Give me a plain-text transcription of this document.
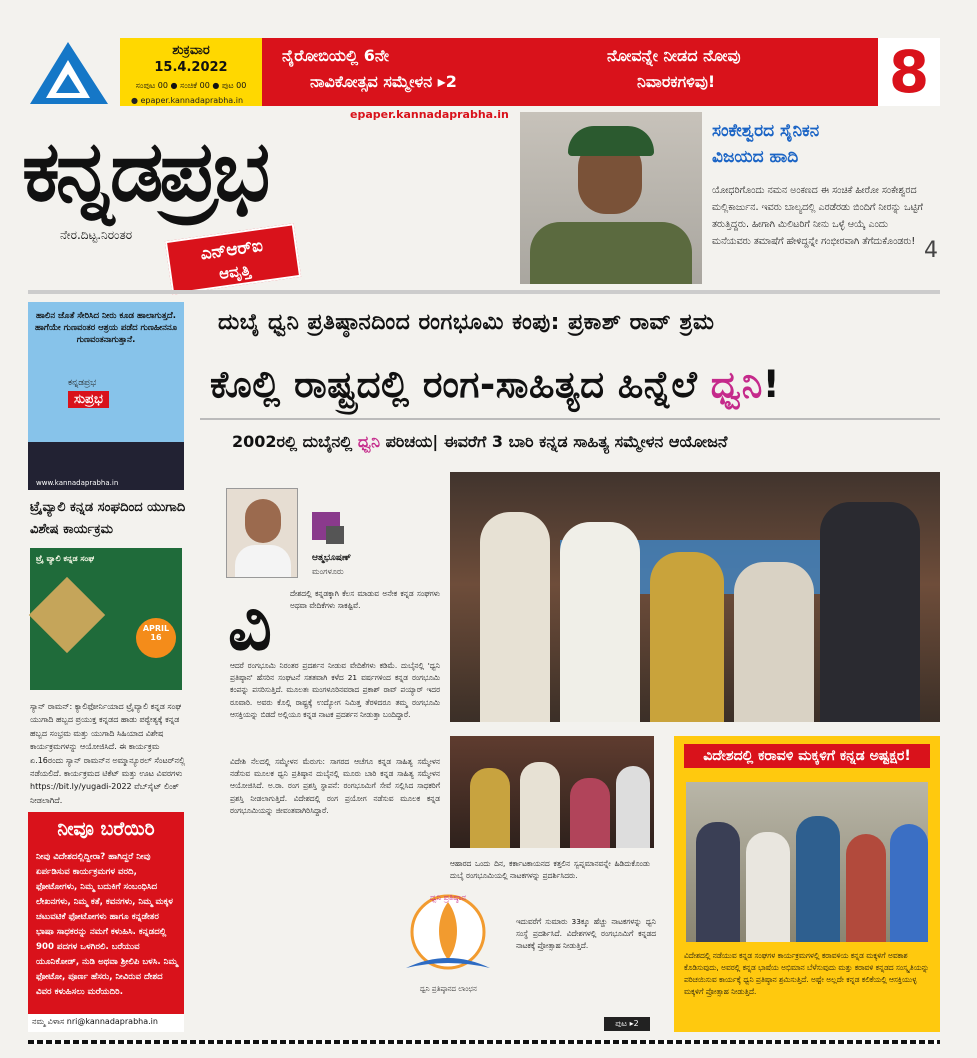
ಶುಕ್ರವಾರ
15.4.2022
ಸಂಪುಟ 00 ● ಸಂಚಿಕೆ 00 ● ಪುಟ 00
● epaper.kannadaprabha.in
ನೈರೋಬಿಯಲ್ಲಿ 6ನೇ
ನಾವಿಕೋತ್ಸವ ಸಮ್ಮೇಳನ ▸2
ನೋವನ್ನೇ ನೀಡದ ನೋವು
ನಿವಾರಕಗಳಿವು!	8
epaper.kannadaprabha.in
ಕನ್ನಡಪ್ರಭ
ನೇರ.ದಿಟ್ಟ.ನಿರಂತರ
ಎನ್‌ಆರ್‌ಐ
ಆವೃತ್ತಿ
ಸಂಕೇಶ್ವರದ ಸೈನಿಕನ
ವಿಜಯದ ಹಾದಿ
ಯೋಧರಿಗೊಂದು ನಮನ ಅಂಕಣದ ಈ ಸಂಚಿಕೆ ಹೀರೋ ಸಂಕೇಶ್ವರದ ಮಲ್ಲಿಕಾರ್ಜುನ. ಇವರು ಬಾಲ್ಯದಲ್ಲಿ ಎರಡೆರಡು ಬಿಂದಿಗೆ ನೀರನ್ನು ಒಟ್ಟಿಗೆ ತರುತ್ತಿದ್ದರು. ಹೀಗಾಗಿ ಮಿಲಿಟರಿಗೆ ನೀನು ಒಳ್ಳೆ ಆಯ್ಕೆ ಎಂದು ಮನೆಯವರು ತಮಾಷೆಗೆ ಹೇಳಿದ್ದನ್ನೇ ಗಂಭೀರವಾಗಿ ತೆಗೆದುಕೊಂಡರು! 4
ಹಾಲಿನ ಜೊತೆ ಸೇರಿಸಿದ ನೀರು ಕೂಡ ಹಾಲಾಗುತ್ತದೆ. ಹಾಗೆಯೇ ಗುಣವಂತರ ಆಶ್ರಯ ಪಡೆದ ಗುಣಹೀನನೂ ಗುಣವಂತನಾಗುತ್ತಾನೆ.
ಕನ್ನಡಪ್ರಭ
ಸುಪ್ರಭ
www.kannadaprabha.in
ಟ್ರೈವ್ಯಾಲಿ ಕನ್ನಡ ಸಂಘದಿಂದ ಯುಗಾದಿ ವಿಶೇಷ ಕಾರ್ಯಕ್ರಮ
ಟ್ರೈ ವ್ಯಾಲಿ ಕನ್ನಡ ಸಂಘ
APRIL 16
ಸ್ಯಾನ್ ರಾಮನ್: ಕ್ಯಾಲಿಫೋರ್ನಿಯಾದ ಟ್ರೈವ್ಯಾಲಿ ಕನ್ನಡ ಸಂಘ ಯುಗಾದಿ ಹಬ್ಬದ ಪ್ರಯುಕ್ತ ಕನ್ನಡದ ಹಾಡು ಪಠ್ಯೇತ್ಯಕ್ಕೆ ಕನ್ನಡ ಹಬ್ಬದ ಸಂಭ್ರಮ ಮತ್ತು ಯುಗಾದಿ ಸಿಹಿಯಾದ ವಿಶೇಷ ಕಾರ್ಯಕ್ರಮಗಳನ್ನು ಆಯೋಜಿಸಿದೆ. ಈ ಕಾರ್ಯಕ್ರಮ ಏ.16ರಂದು ಸ್ಯಾನ್ ರಾಮನ್‌ನ ಅಮ್ಮಾನ್ಯೂರಲ್ ಸೆಂಟರ್‌ನಲ್ಲಿ ನಡೆಯಲಿದೆ. ಕಾರ್ಯಕ್ರಮದ ಟಿಕೆಟ್ ಮತ್ತು ಊಟ ವಿವರಗಳು https://bit.ly/yugadi-2022 ವೆಬ್‌ಸೈಟ್ ಲಿಂಕ್ ನೀಡಲಾಗಿದೆ.
ನೀವೂ ಬರೆಯಿರಿ
ನೀವು ವಿದೇಶದಲ್ಲಿದ್ದೀರಾ? ಹಾಗಿದ್ದರೆ ನೀವು ಏರ್ಪಡಿಸುವ ಕಾರ್ಯಕ್ರಮಗಳ ವರದಿ, ಫೋಟೋಗಳು, ನಿಮ್ಮ ಬದುಕಿಗೆ ಸಂಬಂಧಿಸಿದ ಲೇಖನಗಳು, ನಿಮ್ಮ ಕತೆ, ಕವನಗಳು, ನಿಮ್ಮ ಮಕ್ಕಳ ಚಟುವಟಿಕೆ ಫೋಟೋಗಳು ಹಾಗೂ ಕನ್ನಡೇತರ ಭಾಷಾ ಸಾಧಕರನ್ನು ನಮಗೆ ಕಳುಹಿಸಿ. ಕನ್ನಡದಲ್ಲಿ 900 ಪದಗಳ ಒಳಗಿರಲಿ. ಬರೆಯುವ ಯೂನಿಕೋಡ್, ನುಡಿ ಅಥವಾ ಶ್ರೀಲಿಪಿ ಬಳಸಿ. ನಿಮ್ಮ ಫೋಟೋ, ಪೂರ್ಣ ಹೆಸರು, ನೀವಿರುವ ದೇಶದ ವಿವರ ಕಳುಹಿಸಲು ಮರೆಯದಿರಿ.
ನಮ್ಮ ವಿಳಾಸ nri@kannadaprabha.in
ದುಬೈ ಧ್ವನಿ ಪ್ರತಿಷ್ಠಾನದಿಂದ ರಂಗಭೂಮಿ ಕಂಪು: ಪ್ರಕಾಶ್ ರಾವ್ ಶ್ರಮ
ಕೊಲ್ಲಿ ರಾಷ್ಟ್ರದಲ್ಲಿ ರಂಗ-ಸಾಹಿತ್ಯದ ಹಿನ್ನೆಲೆ ಧ್ವನಿ!
2002ರಲ್ಲಿ ದುಬೈನಲ್ಲಿ ಧ್ವನಿ ಪರಿಚಯ| ಈವರೆಗೆ 3 ಬಾರಿ ಕನ್ನಡ ಸಾಹಿತ್ಯ ಸಮ್ಮೇಳನ ಆಯೋಜನೆ
ಆತ್ಮಭೂಷಣ್
ಮಂಗಳೂರು
ವಿ ದೇಶದಲ್ಲಿ ಕನ್ನಡಕ್ಕಾಗಿ ಕೆಲಸ ಮಾಡುವ ಅನೇಕ ಕನ್ನಡ ಸಂಘಗಳು ಅಥವಾ ವೇದಿಕೆಗಳು ಸಾಕಷ್ಟಿವೆ.
ಆದರೆ ರಂಗಭೂಮಿ ನಿರಂತರ ಪ್ರದರ್ಶನ ನೀಡುವ ವೇದಿಕೆಗಳು ಕಡಿಮೆ. ದುಬೈನಲ್ಲಿ 'ಧ್ವನಿ ಪ್ರತಿಷ್ಠಾನ' ಹೆಸರಿನ ಸಂಘಟನೆ ಸತತವಾಗಿ ಕಳೆದ 21 ವರ್ಷಗಳಿಂದ ಕನ್ನಡ ರಂಗಭೂಮಿ ಕಂಪನ್ನು ಪಸರಿಸುತ್ತಿದೆ. ಮೂಲತಃ ಮಂಗಳೂರಿನವರಾದ ಪ್ರಕಾಶ್ ರಾವ್ ಪಯ್ಯಾರ್ ಇದರ ರೂವಾರಿ. ಅವರು ಕೊಲ್ಲಿ ರಾಷ್ಟ್ರಕ್ಕೆ ಉದ್ಯೋಗ ನಿಮಿತ್ತ ತೆರಳಿದರೂ ತಮ್ಮ ರಂಗಭೂಮಿ ಆಸಕ್ತಿಯನ್ನು ಬಿಡದೆ ಅಲ್ಲಿಯೂ ಕನ್ನಡ ನಾಟಕ ಪ್ರದರ್ಶನ ನೀಡುತ್ತಾ ಬಂದಿದ್ದಾರೆ.
ವಿದೇಶಿ ನೆಲದಲ್ಲಿ ಸಮ್ಮೇಳನ ಮೆರುಗು: ಸಾಗರದ ಆಚೆಗೂ ಕನ್ನಡ ಸಾಹಿತ್ಯ ಸಮ್ಮೇಳನ ನಡೆಸುವ ಮೂಲಕ ಧ್ವನಿ ಪ್ರತಿಷ್ಠಾನ ದುಬೈನಲ್ಲಿ ಮೂರು ಬಾರಿ ಕನ್ನಡ ಸಾಹಿತ್ಯ ಸಮ್ಮೇಳನ ಆಯೋಜಿಸಿದೆ. ಅ.ರಾ. ರಂಗ ಪ್ರಶಸ್ತಿ ಸ್ಥಾಪನೆ: ರಂಗಭೂಮಿಗೆ ಸೇವೆ ಸಲ್ಲಿಸಿದ ಸಾಧಕರಿಗೆ ಪ್ರಶಸ್ತಿ ನೀಡಲಾಗುತ್ತಿದೆ. ವಿದೇಶದಲ್ಲಿ ರಂಗ ಪ್ರಯೋಗ ನಡೆಸುವ ಮೂಲಕ ಕನ್ನಡ ರಂಗಭೂಮಿಯನ್ನು ಜೀವಂತವಾಗಿರಿಸಿದ್ದಾರೆ.
ಆಹಾರದ ಒಂದು ದಿನ, ಕರ್ಕಾಟಕಾಯನದ ಕತ್ತಲಿನ ಸ್ವಪ್ನಮಾನವನ್ನೇ ಹಿಡಿದುಕೊಂಡು ದುಬೈ ರಂಗಭೂಮಿಯಲ್ಲಿ ನಾಟಕಗಳನ್ನು ಪ್ರದರ್ಶಿಸಿದರು.
ಧ್ವನಿ ಪ್ರತಿಷ್ಠಾನ
ಧ್ವನಿ ಪ್ರತಿಷ್ಠಾನದ ಲಾಂಛನ
ಇದುವರೆಗೆ ಸುಮಾರು 33ಕ್ಕೂ ಹೆಚ್ಚು ನಾಟಕಗಳನ್ನು ಧ್ವನಿ ಸಂಸ್ಥೆ ಪ್ರದರ್ಶಿಸಿದೆ. ವಿದೇಶಗಳಲ್ಲಿ ರಂಗಭೂಮಿಗೆ ಕನ್ನಡದ ನಾಟಕಕ್ಕೆ ಪ್ರೋತ್ಸಾಹ ನೀಡುತ್ತಿದೆ.
ಪುಟ ▸2
ವಿದೇಶದಲ್ಲಿ ಕರಾವಳಿ ಮಕ್ಕಳಿಗೆ ಕನ್ನಡ ಅಷ್ಟಕ್ಷರ!
ವಿದೇಶದಲ್ಲಿ ನಡೆಯುವ ಕನ್ನಡ ಸಂಘಗಳ ಕಾರ್ಯಕ್ರಮಗಳಲ್ಲಿ ಕರಾವಳಿಯ ಕನ್ನಡ ಮಕ್ಕಳಿಗೆ ಅವಕಾಶ ಕೊಡಿಸುವುದು, ಅವರಲ್ಲಿ ಕನ್ನಡ ಭಾಷೆಯ ಅಭಿಮಾನ ಬೆಳೆಸುವುದು ಮತ್ತು ಕರಾವಳಿ ಕನ್ನಡದ ಸಂಸ್ಕೃತಿಯನ್ನು ಪರಿಚಯಿಸುವ ಕಾರ್ಯಕ್ಕೆ ಧ್ವನಿ ಪ್ರತಿಷ್ಠಾನ ಶ್ರಮಿಸುತ್ತಿದೆ. ಅಷ್ಟೇ ಅಲ್ಲದೇ ಕನ್ನಡ ಕಲಿಕೆಯಲ್ಲಿ ಆಸಕ್ತಿಯುಳ್ಳ ಮಕ್ಕಳಿಗೆ ಪ್ರೋತ್ಸಾಹ ನೀಡುತ್ತಿದೆ.
